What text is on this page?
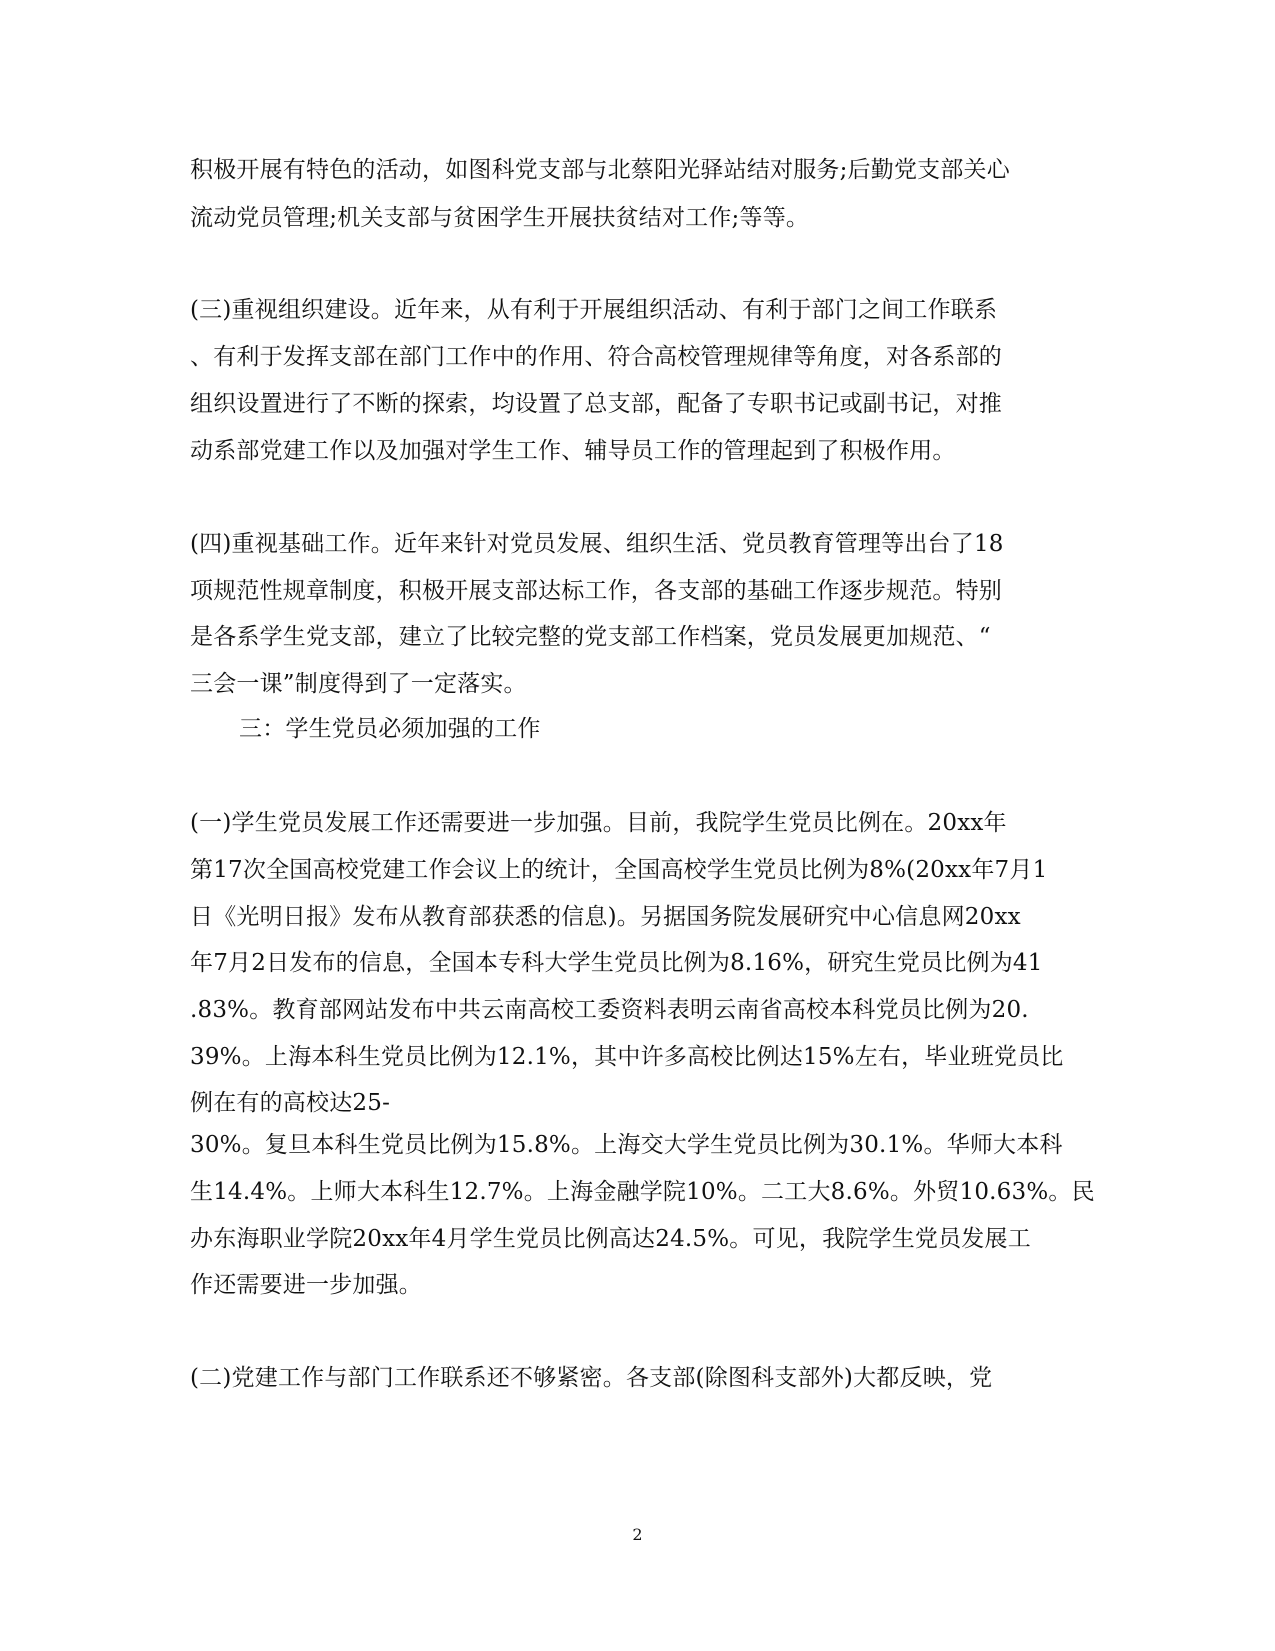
积极开展有特色的活动，如图科党支部与北蔡阳光驿站结对服务;后勤党支部关心
流动党员管理;机关支部与贫困学生开展扶贫结对工作;等等。
(三)重视组织建设。近年来，从有利于开展组织活动、有利于部门之间工作联系
、有利于发挥支部在部门工作中的作用、符合高校管理规律等角度，对各系部的
组织设置进行了不断的探索，均设置了总支部，配备了专职书记或副书记，对推
动系部党建工作以及加强对学生工作、辅导员工作的管理起到了积极作用。
(四)重视基础工作。近年来针对党员发展、组织生活、党员教育管理等出台了18
项规范性规章制度，积极开展支部达标工作，各支部的基础工作逐步规范。特别
是各系学生党支部，建立了比较完整的党支部工作档案，党员发展更加规范、“
三会一课”制度得到了一定落实。
三：学生党员必须加强的工作
(一)学生党员发展工作还需要进一步加强。目前，我院学生党员比例在。20xx年
第17次全国高校党建工作会议上的统计，全国高校学生党员比例为8%(20xx年7月1
日《光明日报》发布从教育部获悉的信息)。另据国务院发展研究中心信息网20xx
年7月2日发布的信息，全国本专科大学生党员比例为8.16%，研究生党员比例为41
.83%。教育部网站发布中共云南高校工委资料表明云南省高校本科党员比例为20.
39%。上海本科生党员比例为12.1%，其中许多高校比例达15%左右，毕业班党员比
例在有的高校达25-
30%。复旦本科生党员比例为15.8%。上海交大学生党员比例为30.1%。华师大本科
生14.4%。上师大本科生12.7%。上海金融学院10%。二工大8.6%。外贸10.63%。民
办东海职业学院20xx年4月学生党员比例高达24.5%。可见，我院学生党员发展工
作还需要进一步加强。
(二)党建工作与部门工作联系还不够紧密。各支部(除图科支部外)大都反映，党
2
